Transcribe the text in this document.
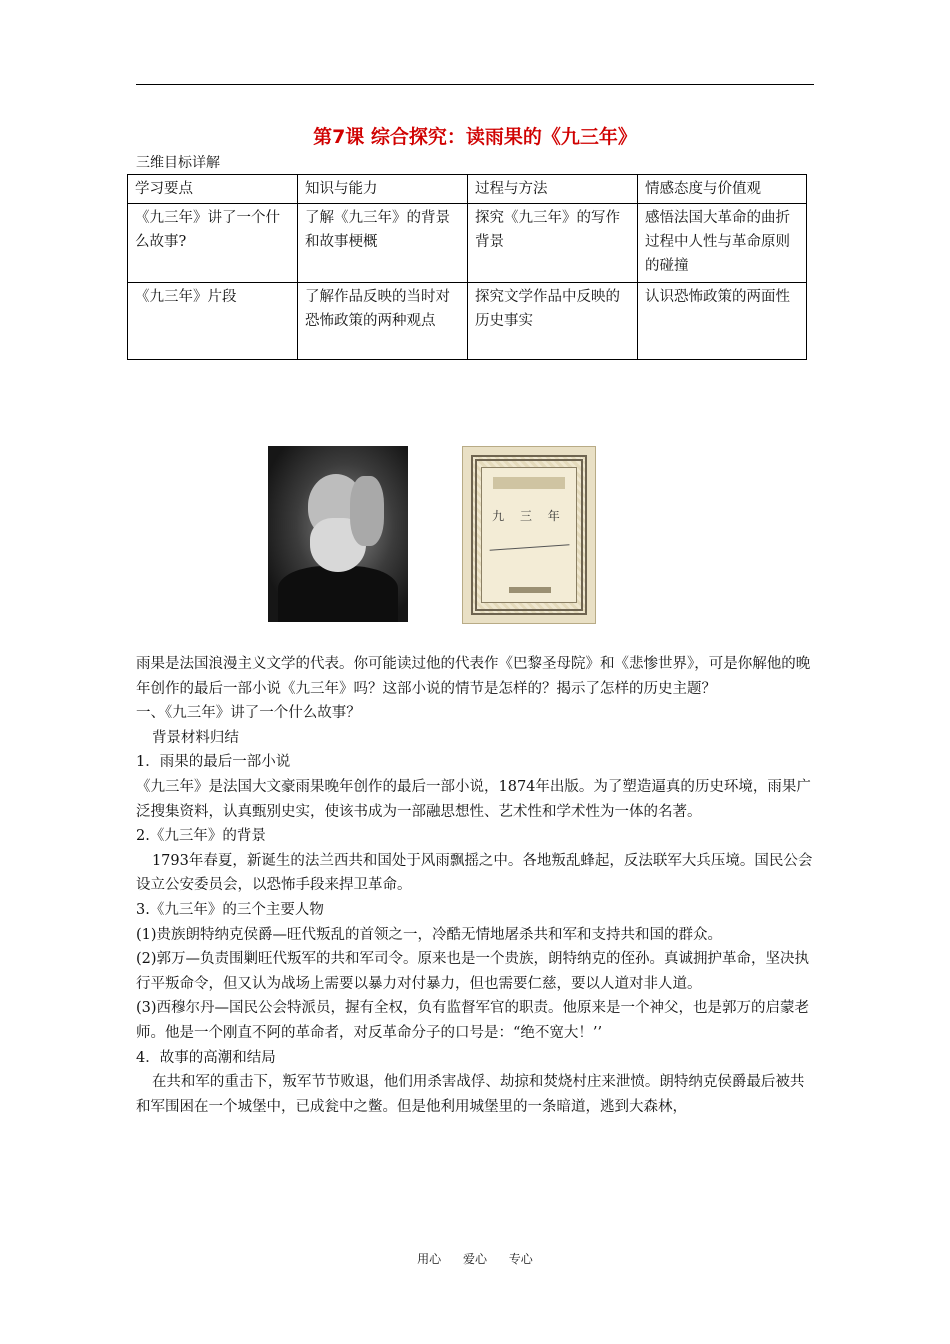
第7课 综合探究：读雨果的《九三年》
三维目标详解
学习要点	知识与能力	过程与方法	情感态度与价值观
《九三年》讲了一个什么故事?	了解《九三年》的背景和故事梗概	探究《九三年》的写作背景	感悟法国大革命的曲折过程中人性与革命原则的碰撞
《九三年》片段	了解作品反映的当时对恐怖政策的两种观点	探究文学作品中反映的历史事实	认识恐怖政策的两面性
九 三 年

雨果是法国浪漫主义文学的代表。你可能读过他的代表作《巴黎圣母院》和《悲惨世界》，可是你解他的晚年创作的最后一部小说《九三年》吗？这部小说的情节是怎样的？揭示了怎样的历史主题？

一、《九三年》讲了一个什么故事？

背景材料归结

1．雨果的最后一部小说

《九三年》是法国大文豪雨果晚年创作的最后一部小说，1874年出版。为了塑造逼真的历史环境，雨果广泛搜集资料，认真甄别史实，使该书成为一部融思想性、艺术性和学术性为一体的名著。

2.《九三年》的背景

1793年春夏，新诞生的法兰西共和国处于风雨飘摇之中。各地叛乱蜂起，反法联军大兵压境。国民公会设立公安委员会，以恐怖手段来捍卫革命。

3.《九三年》的三个主要人物

(1)贵族朗特纳克侯爵—旺代叛乱的首领之一，冷酷无情地屠杀共和军和支持共和国的群众。

(2)郭万—负责围剿旺代叛军的共和军司令。原来也是一个贵族，朗特纳克的侄孙。真诚拥护革命，坚决执行平叛命令，但又认为战场上需要以暴力对付暴力，但也需要仁慈，要以人道对非人道。

(3)西穆尔丹—国民公会特派员，握有全权，负有监督军官的职责。他原来是一个神父，也是郭万的启蒙老师。他是一个刚直不阿的革命者，对反革命分子的口号是：“绝不宽大！’’

4．故事的高潮和结局

在共和军的重击下，叛军节节败退，他们用杀害战俘、劫掠和焚烧村庄来泄愤。朗特纳克侯爵最后被共和军围困在一个城堡中，已成瓮中之鳖。但是他利用城堡里的一条暗道，逃到大森林，

用心 爱心 专心
